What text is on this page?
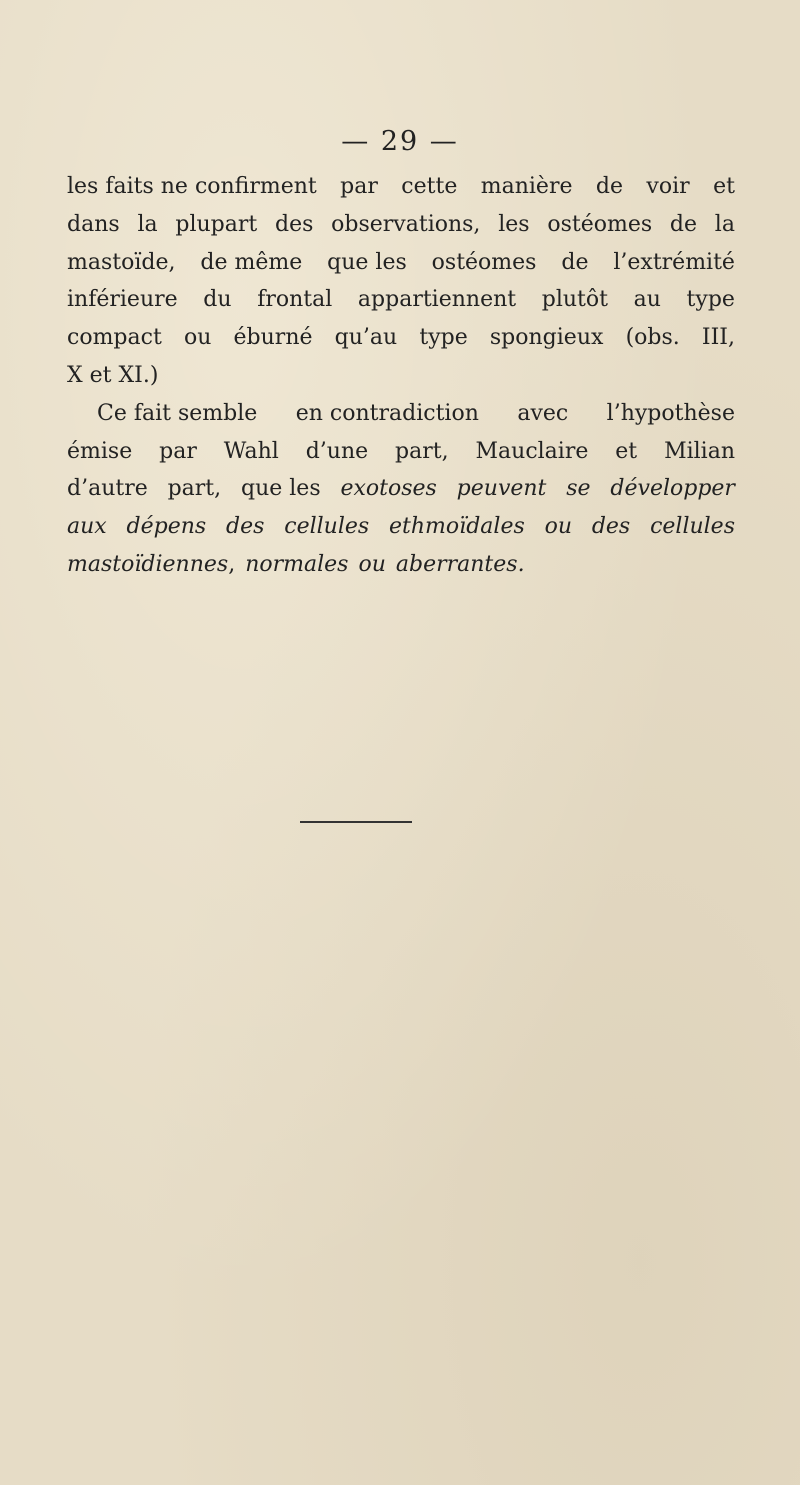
— 29 —
les faits ne confirment par cette manière de voir et
dans la plupart des observations, les ostéomes de la
mastoïde, de même que les ostéomes de l’extrémité
inférieure du frontal appartiennent plutôt au type
compact ou éburné qu’au type spongieux (obs. III,
X et XI.)
Ce fait semble en contradiction avec l’hypothèse
émise par Wahl d’une part, Mauclaire et Milian
d’autre part, que les exotoses peuvent se développer
aux dépens des cellules ethmoïdales ou des cellules
mastoïdiennes , normales ou aberrantes.
